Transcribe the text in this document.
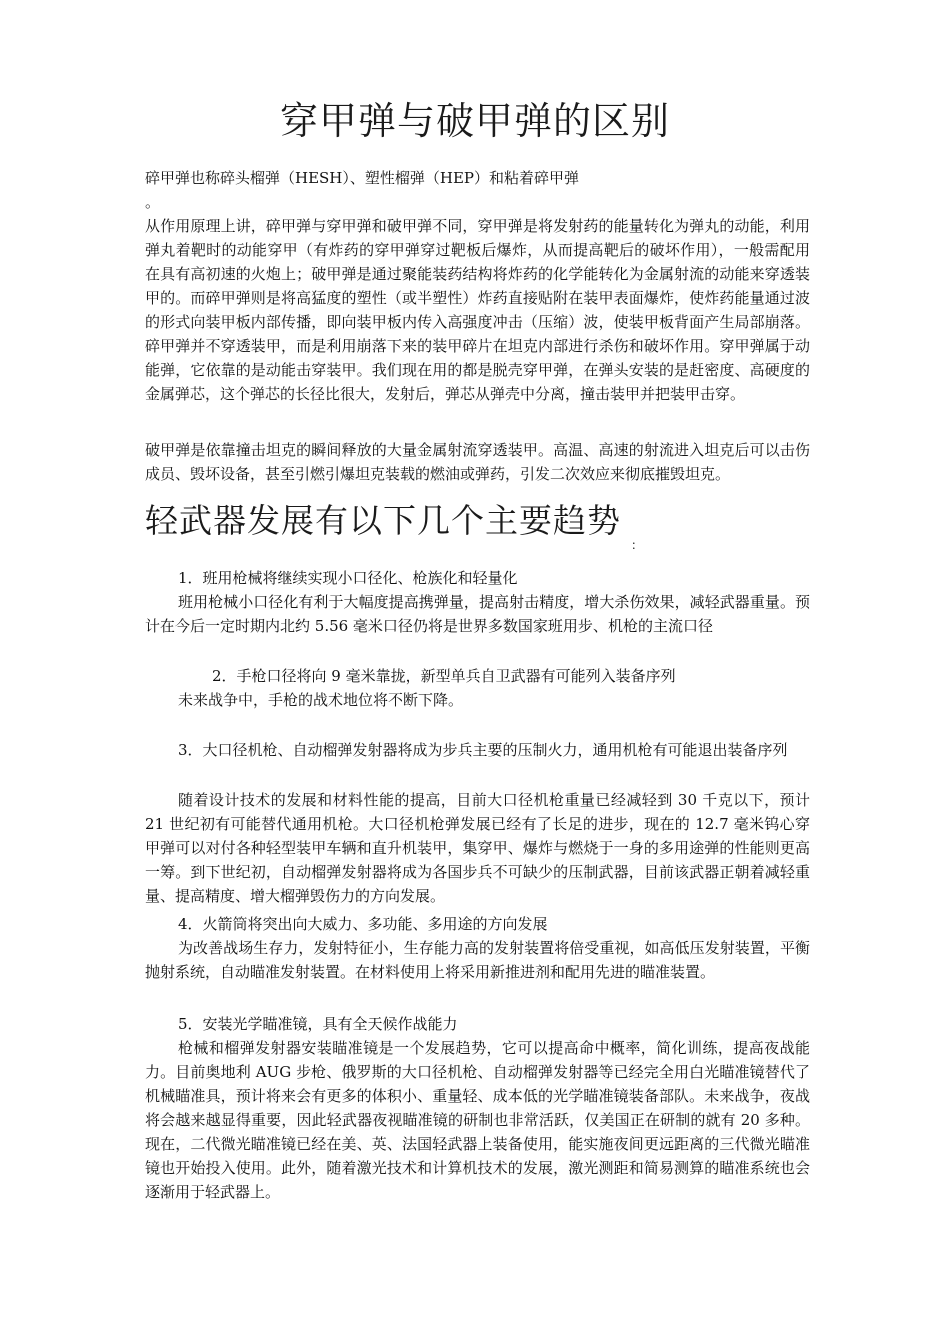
穿甲弹与破甲弹的区别

碎甲弹也称碎头榴弹（HESH）、塑性榴弹（HEP）和粘着碎甲弹

。

从作用原理上讲，碎甲弹与穿甲弹和破甲弹不同，穿甲弹是将发射药的能量转化为弹丸的动能，利用弹丸着靶时的动能穿甲（有炸药的穿甲弹穿过靶板后爆炸，从而提高靶后的破坏作用），一般需配用在具有高初速的火炮上；破甲弹是通过聚能装药结构将炸药的化学能转化为金属射流的动能来穿透装甲的。而碎甲弹则是将高猛度的塑性（或半塑性）炸药直接贴附在装甲表面爆炸，使炸药能量通过波的形式向装甲板内部传播，即向装甲板内传入高强度冲击（压缩）波，使装甲板背面产生局部崩落。碎甲弹并不穿透装甲，而是利用崩落下来的装甲碎片在坦克内部进行杀伤和破坏作用。穿甲弹属于动能弹，它依靠的是动能击穿装甲。我们现在用的都是脱壳穿甲弹，在弹头安装的是赶密度、高硬度的金属弹芯，这个弹芯的长径比很大，发射后，弹芯从弹壳中分离，撞击装甲并把装甲击穿。

破甲弹是依靠撞击坦克的瞬间释放的大量金属射流穿透装甲。高温、高速的射流进入坦克后可以击伤成员、毁坏设备，甚至引燃引爆坦克装载的燃油或弹药，引发二次效应来彻底摧毁坦克。

轻武器发展有以下几个主要趋势
：

1．班用枪械将继续实现小口径化、枪族化和轻量化

班用枪械小口径化有利于大幅度提高携弹量，提高射击精度，增大杀伤效果，减轻武器重量。预计在今后一定时期内北约 5.56 毫米口径仍将是世界多数国家班用步、机枪的主流口径

2．手枪口径将向 9 毫米靠拢，新型单兵自卫武器有可能列入装备序列

未来战争中，手枪的战术地位将不断下降。

3．大口径机枪、自动榴弹发射器将成为步兵主要的压制火力，通用机枪有可能退出装备序列

随着设计技术的发展和材料性能的提高，目前大口径机枪重量已经减轻到 30 千克以下，预计 21 世纪初有可能替代通用机枪。大口径机枪弹发展已经有了长足的进步，现在的 12.7 毫米钨心穿甲弹可以对付各种轻型装甲车辆和直升机装甲，集穿甲、爆炸与燃烧于一身的多用途弹的性能则更高一筹。到下世纪初，自动榴弹发射器将成为各国步兵不可缺少的压制武器，目前该武器正朝着减轻重量、提高精度、增大榴弹毁伤力的方向发展。

4．火箭筒将突出向大威力、多功能、多用途的方向发展

为改善战场生存力，发射特征小，生存能力高的发射装置将倍受重视，如高低压发射装置，平衡抛射系统，自动瞄准发射装置。在材料使用上将采用新推进剂和配用先进的瞄准装置。

5．安装光学瞄准镜，具有全天候作战能力

枪械和榴弹发射器安装瞄准镜是一个发展趋势，它可以提高命中概率，简化训练，提高夜战能力。目前奥地利 AUG 步枪、俄罗斯的大口径机枪、自动榴弹发射器等已经完全用白光瞄准镜替代了机械瞄准具，预计将来会有更多的体积小、重量轻、成本低的光学瞄准镜装备部队。未来战争，夜战将会越来越显得重要，因此轻武器夜视瞄准镜的研制也非常活跃，仅美国正在研制的就有 20 多种。现在，二代微光瞄准镜已经在美、英、法国轻武器上装备使用，能实施夜间更远距离的三代微光瞄准镜也开始投入使用。此外，随着激光技术和计算机技术的发展，激光测距和简易测算的瞄准系统也会逐渐用于轻武器上。
